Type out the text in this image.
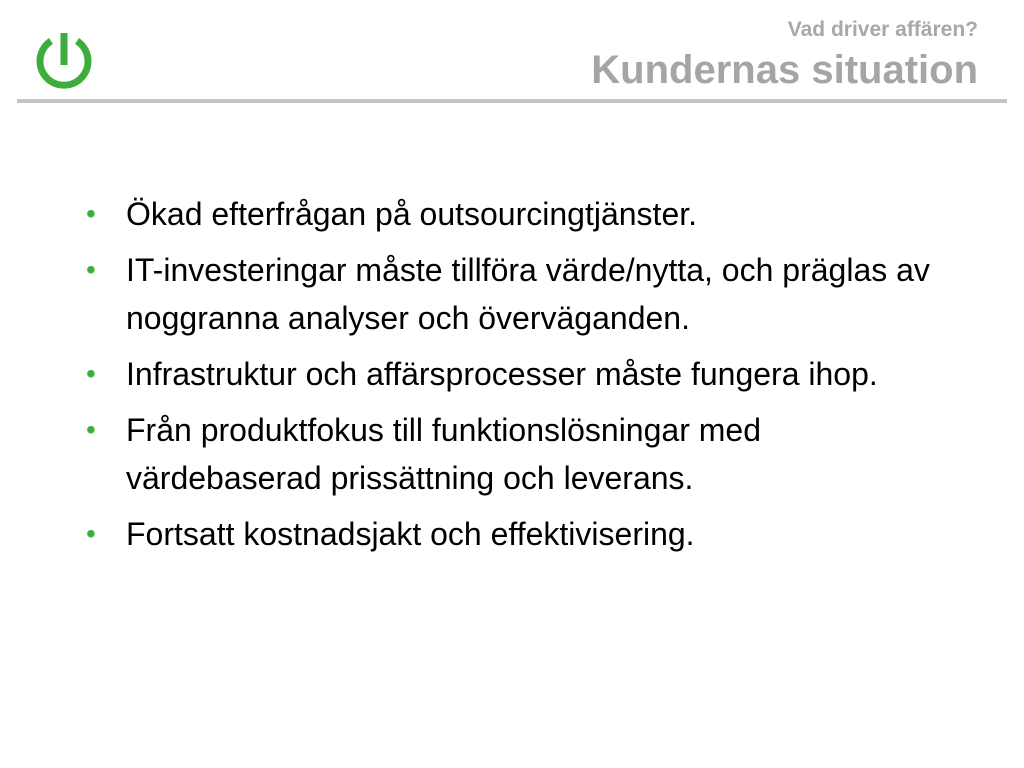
Vad driver affären?
Kundernas situation
• Ökad efterfrågan på outsourcingtjänster.
• IT-investeringar måste tillföra värde/nytta, och präglas av noggranna analyser och överväganden.
• Infrastruktur och affärsprocesser måste fungera ihop.
• Från produktfokus till funktionslösningar med värdebaserad prissättning och leverans.
• Fortsatt kostnadsjakt och effektivisering.
